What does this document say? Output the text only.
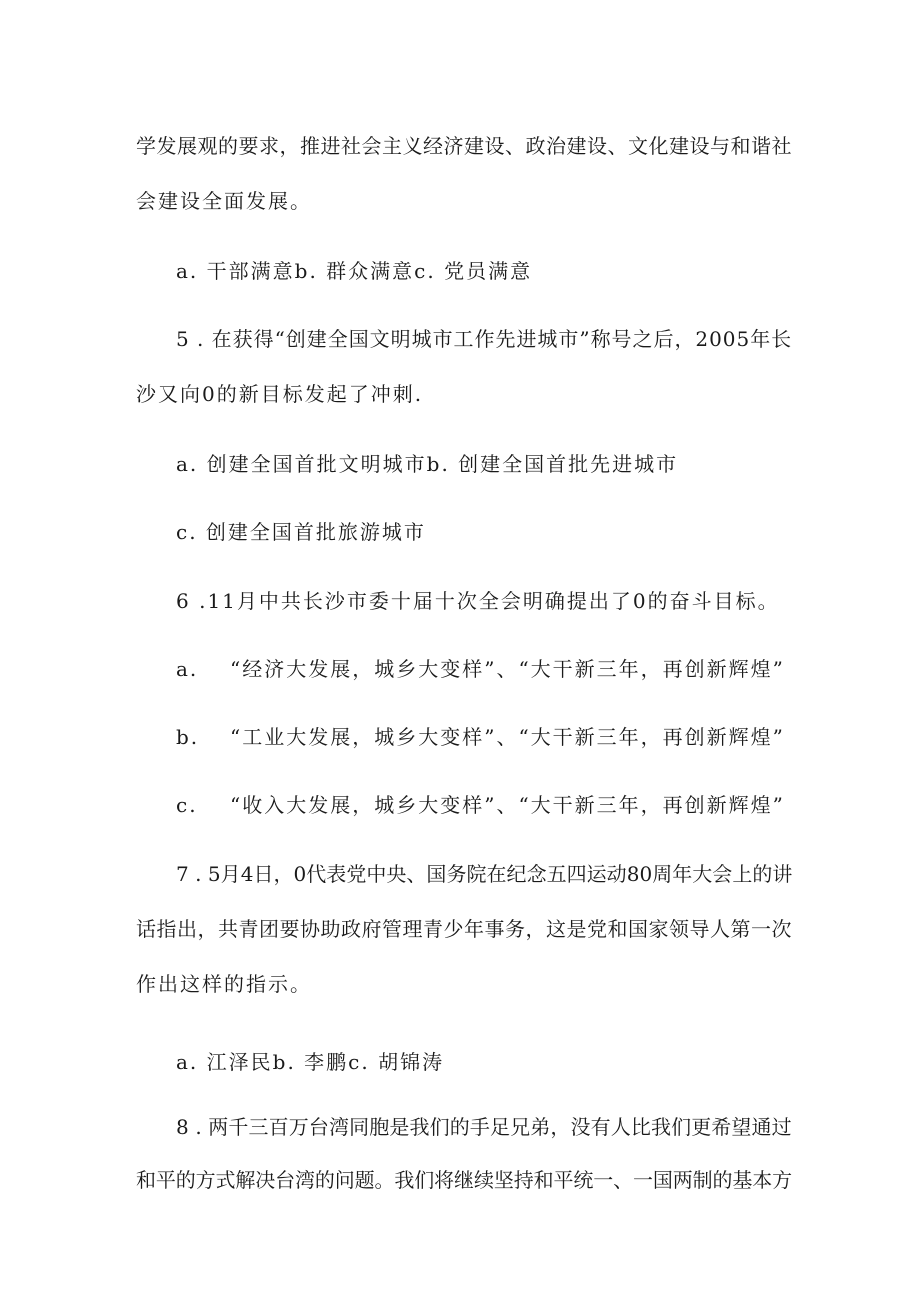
学发展观的要求，推进社会主义经济建设、政治建设、文化建设与和谐社
会建设全面发展。
a. 干部满意b. 群众满意c. 党员满意
5 . 在获得“创建全国文明城市工作先进城市”称号之后，2005年长
沙又向0的新目标发起了冲刺.
a. 创建全国首批文明城市b. 创建全国首批先进城市
c. 创建全国首批旅游城市
6 .11月中共长沙市委十届十次全会明确提出了0的奋斗目标。
a. “经济大发展，城乡大变样”、“大干新三年，再创新辉煌”
b. “工业大发展，城乡大变样”、“大干新三年，再创新辉煌”
c. “收入大发展，城乡大变样”、“大干新三年，再创新辉煌”
7 . 5月4日，0代表党中央、国务院在纪念五四运动80周年大会上的讲
话指出，共青团要协助政府管理青少年事务，这是党和国家领导人第一次
作出这样的指示。
a. 江泽民b. 李鹏c. 胡锦涛
8 . 两千三百万台湾同胞是我们的手足兄弟，没有人比我们更希望通过
和平的方式解决台湾的问题。我们将继续坚持和平统一、一国两制的基本方
